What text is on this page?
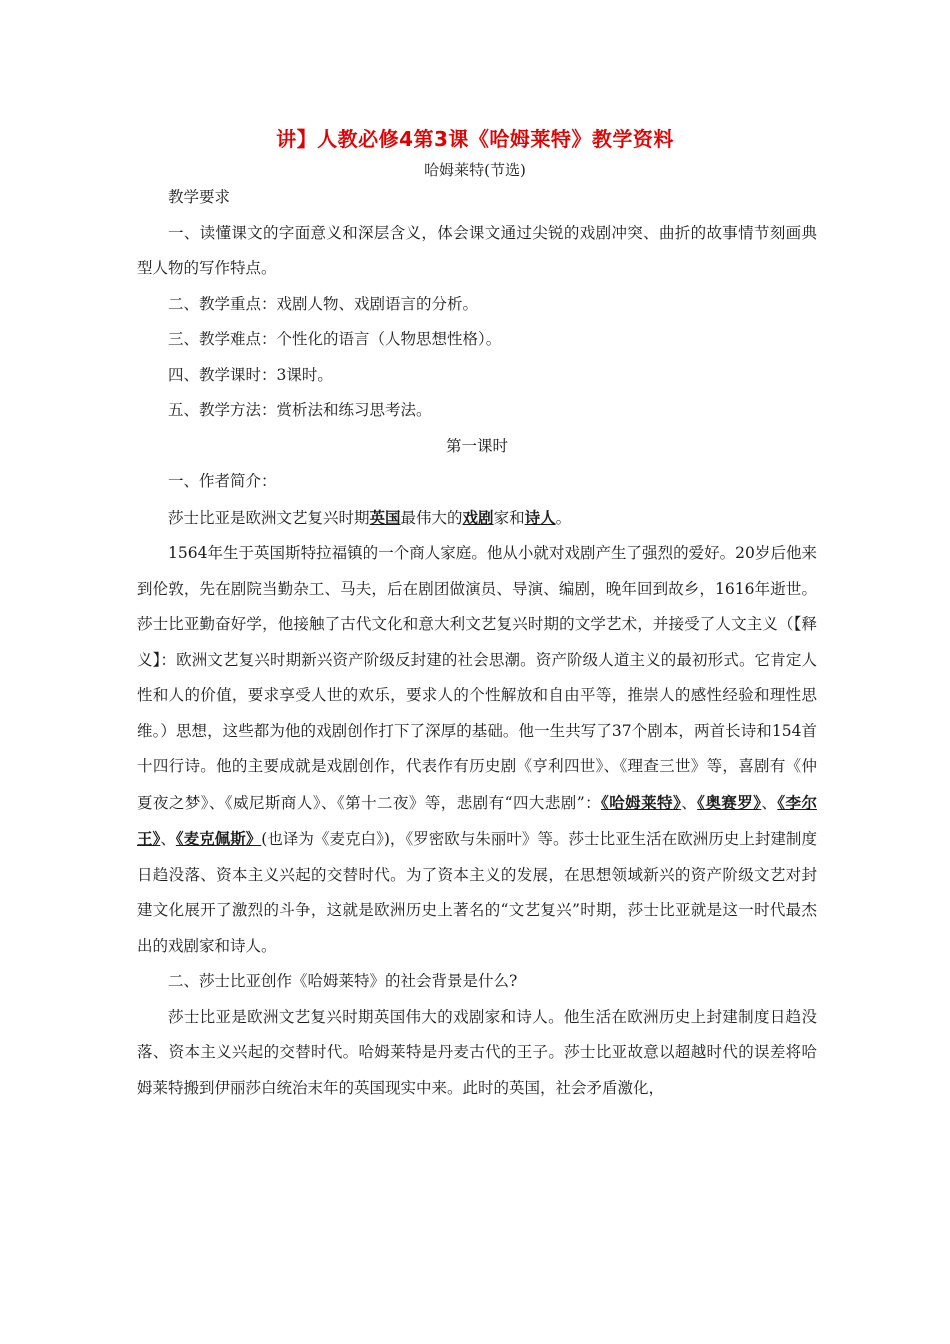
讲】人教必修4第3课《哈姆莱特》教学资料
哈姆莱特(节选)

教学要求

一、读懂课文的字面意义和深层含义，体会课文通过尖锐的戏剧冲突、曲折的故事情节刻画典型人物的写作特点。

二、教学重点：戏剧人物、戏剧语言的分析。

三、教学难点：个性化的语言（人物思想性格）。

四、教学课时：3课时。

五、教学方法：赏析法和练习思考法。

第一课时

一、作者简介：

莎士比亚是欧洲文艺复兴时期英国最伟大的戏剧家和诗人。

1564年生于英国斯特拉福镇的一个商人家庭。他从小就对戏剧产生了强烈的爱好。20岁后他来到伦敦，先在剧院当勤杂工、马夫，后在剧团做演员、导演、编剧，晚年回到故乡，1616年逝世。莎士比亚勤奋好学，他接触了古代文化和意大利文艺复兴时期的文学艺术，并接受了人文主义（【释义】：欧洲文艺复兴时期新兴资产阶级反封建的社会思潮。资产阶级人道主义的最初形式。它肯定人性和人的价值，要求享受人世的欢乐，要求人的个性解放和自由平等，推崇人的感性经验和理性思维。）思想，这些都为他的戏剧创作打下了深厚的基础。他一生共写了37个剧本，两首长诗和154首十四行诗。他的主要成就是戏剧创作，代表作有历史剧《亨利四世》、《理查三世》等，喜剧有《仲夏夜之梦》、《威尼斯商人》、《第十二夜》等，悲剧有“四大悲剧”：《哈姆莱特》、《奥赛罗》、《李尔王》、《麦克佩斯》(也译为《麦克白》)，《罗密欧与朱丽叶》等。莎士比亚生活在欧洲历史上封建制度日趋没落、资本主义兴起的交替时代。为了资本主义的发展，在思想领域新兴的资产阶级文艺对封建文化展开了激烈的斗争，这就是欧洲历史上著名的“文艺复兴”时期，莎士比亚就是这一时代最杰出的戏剧家和诗人。

二、莎士比亚创作《哈姆莱特》的社会背景是什么?

莎士比亚是欧洲文艺复兴时期英国伟大的戏剧家和诗人。他生活在欧洲历史上封建制度日趋没落、资本主义兴起的交替时代。哈姆莱特是丹麦古代的王子。莎士比亚故意以超越时代的误差将哈姆莱特搬到伊丽莎白统治末年的英国现实中来。此时的英国，社会矛盾激化，
